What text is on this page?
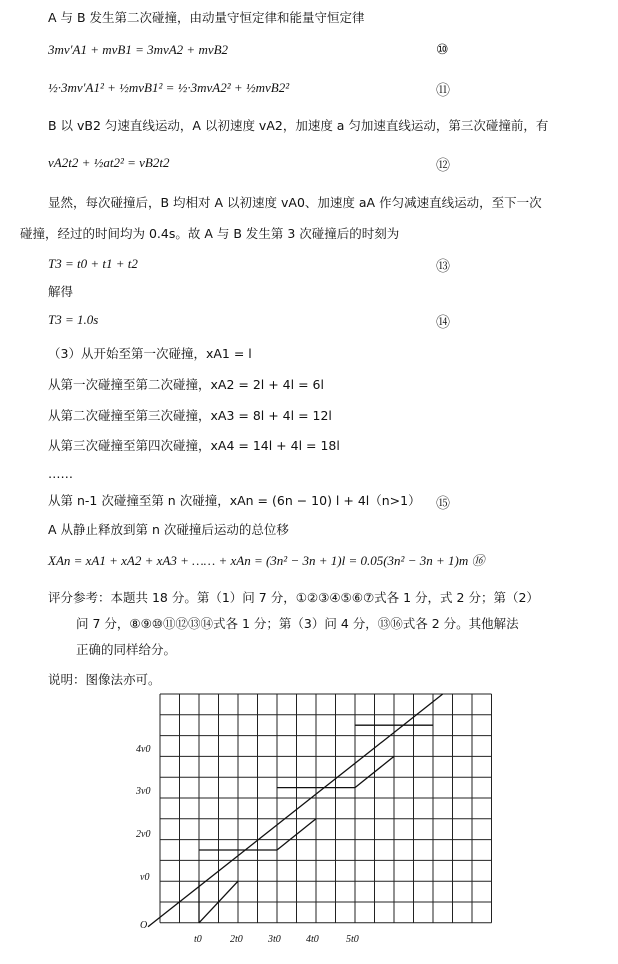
A 与 B 发生第二次碰撞，由动量守恒定律和能量守恒定律
3mv′A1 + mvB1 = 3mvA2 + mvB2	⑩
½·3mv′A1² + ½mvB1² = ½·3mvA2² + ½mvB2²	⑪
B 以 vB2 匀速直线运动，A 以初速度 vA2，加速度 a 匀加速直线运动，第三次碰撞前，有
vA2t2 + ½at2² = vB2t2	⑫
显然，每次碰撞后，B 均相对 A 以初速度 vA0、加速度 aA 作匀减速直线运动，至下一次
碰撞，经过的时间均为 0.4s。故 A 与 B 发生第 3 次碰撞后的时刻为
T3 = t0 + t1 + t2	⑬
解得
T3 = 1.0s	⑭
（3）从开始至第一次碰撞，xA1 = l
从第一次碰撞至第二次碰撞，xA2 = 2l + 4l = 6l
从第二次碰撞至第三次碰撞，xA3 = 8l + 4l = 12l
从第三次碰撞至第四次碰撞，xA4 = 14l + 4l = 18l
……
从第 n-1 次碰撞至第 n 次碰撞，xAn = (6n − 10) l + 4l（n>1） ⑮
A 从静止释放到第 n 次碰撞后运动的总位移
XAn = xA1 + xA2 + xA3 + …… + xAn = (3n² − 3n + 1)l = 0.05(3n² − 3n + 1)m ⑯
评分参考：本题共 18 分。第（1）问 7 分，①②③④⑤⑥⑦式各 1 分，式 2 分；第（2）
问 7 分，⑧⑨⑩⑪⑫⑬⑭式各 1 分；第（3）问 4 分，⑬⑯式各 2 分。其他解法
正确的同样给分。
说明：图像法亦可。
O
v0
2v0
3v0
4v0
t0	2t0	3t0	4t0	5t0
